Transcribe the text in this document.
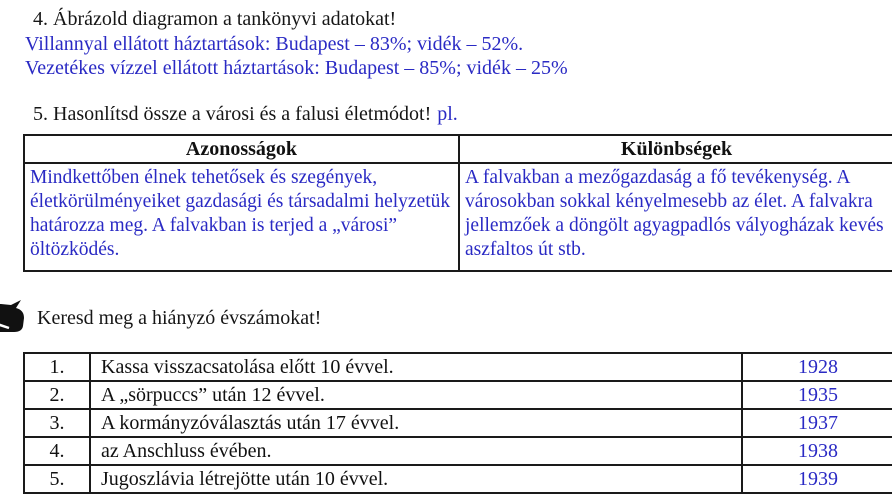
4. Ábrázold diagramon a tankönyvi adatokat!
Villannyal ellátott háztartások: Budapest – 83%; vidék – 52%.
Vezetékes vízzel ellátott háztartások: Budapest – 85%; vidék – 25%
5. Hasonlítsd össze a városi és a falusi életmódot! pl.
Azonosságok	Különbségek
Mindkettőben élnek tehetősek és szegények, életkörülményeiket gazdasági és társadalmi helyzetük határozza meg. A falvakban is terjed a „városi” öltözködés.	A falvakban a mezőgazdaság a fő tevékenység. A városokban sokkal kényelmesebb az élet. A falvakra jellemzőek a döngölt agyagpadlós vályogházak kevés aszfaltos út stb.
Keresd meg a hiányzó évszámokat!
1.	Kassa visszacsatolása előtt 10 évvel.	1928
2.	A „sörpuccs” után 12 évvel.	1935
3.	A kormányzóválasztás után 17 évvel.	1937
4.	az Anschluss évében.	1938
5.	Jugoszlávia létrejötte után 10 évvel.	1939
